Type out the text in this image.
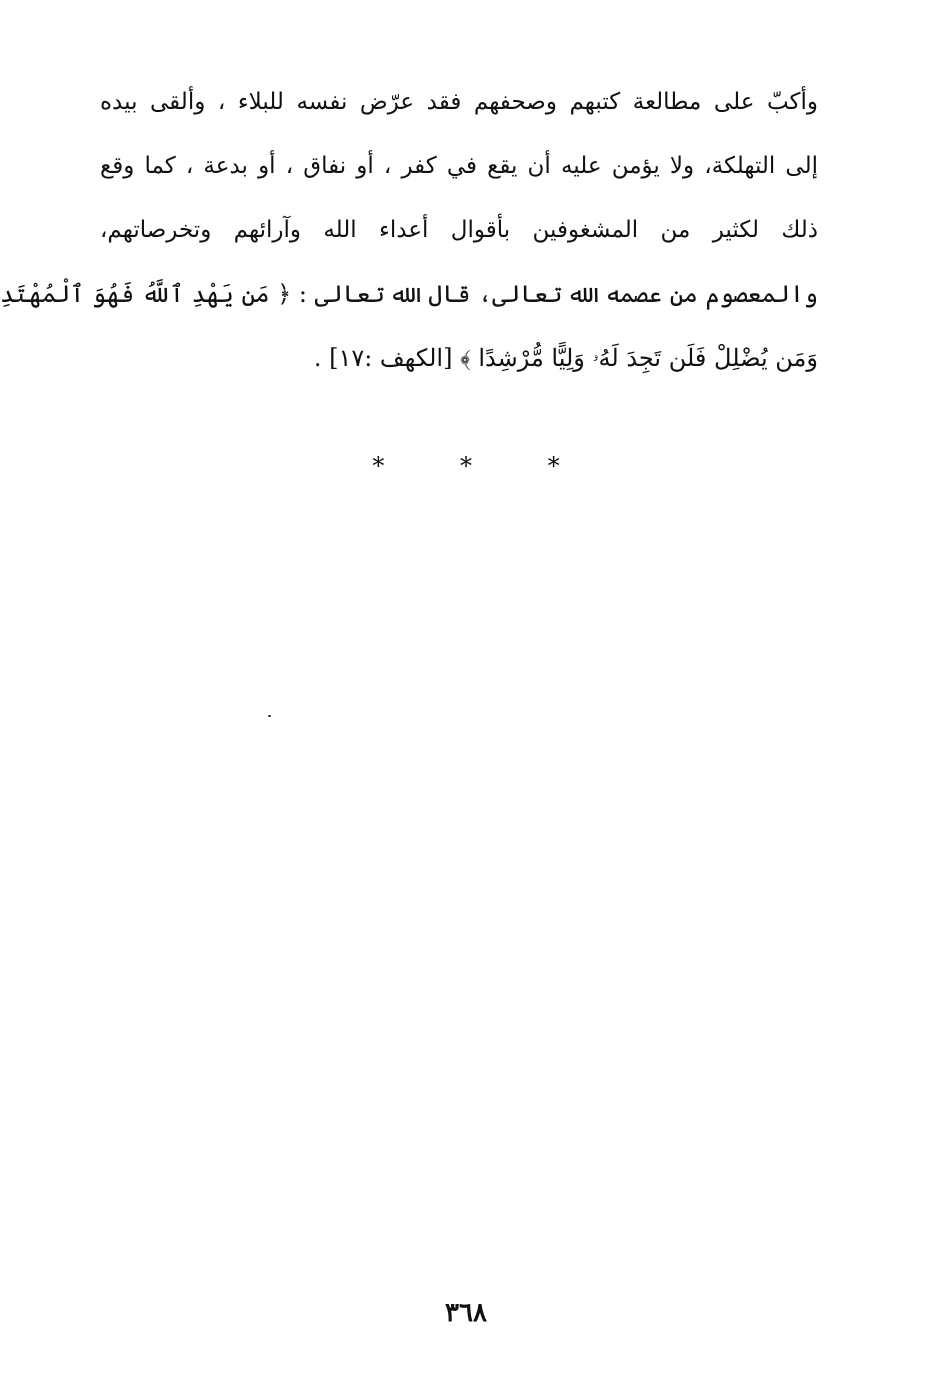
وأكبّ على مطالعة كتبهم وصحفهم فقد عرّض نفسه للبلاء ، وألقى بيده
إلى التهلكة، ولا يؤمن عليه أن يقع في كفر ، أو نفاق ، أو بدعة ، كما وقع
ذلك لكثير من المشغوفين بأقوال أعداء الله وآرائهم وتخرصاتهم،
والمعصوم من عصمه الله تعالى، قال الله تعالى : ﴿ مَن يَهْدِ ٱللَّهُ فَهُوَ ٱلْمُهْتَدِ
وَمَن يُضْلِلْ فَلَن تَجِدَ لَهُۥ وَلِيًّا مُّرْشِدًا ﴾ [الكهف :١٧] .
* * *
٣٦٨
